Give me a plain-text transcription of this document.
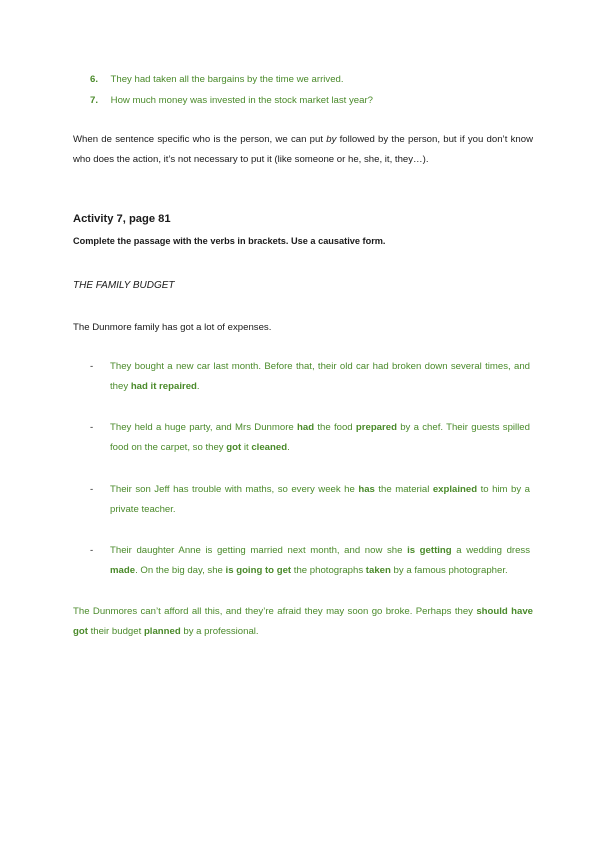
6. They had taken all the bargains by the time we arrived.
7. How much money was invested in the stock market last year?
When de sentence specific who is the person, we can put by followed by the person, but if you don’t know who does the action, it’s not necessary to put it (like someone or he, she, it, they…).
Activity 7, page 81
Complete the passage with the verbs in brackets. Use a causative form.
THE FAMILY BUDGET
The Dunmore family has got a lot of expenses.
- They bought a new car last month. Before that, their old car had broken down several times, and they had it repaired.
- They held a huge party, and Mrs Dunmore had the food prepared by a chef. Their guests spilled food on the carpet, so they got it cleaned.
- Their son Jeff has trouble with maths, so every week he has the material explained to him by a private teacher.
- Their daughter Anne is getting married next month, and now she is getting a wedding dress made. On the big day, she is going to get the photographs taken by a famous photographer.
The Dunmores can’t afford all this, and they’re afraid they may soon go broke. Perhaps they should have got their budget planned by a professional.
